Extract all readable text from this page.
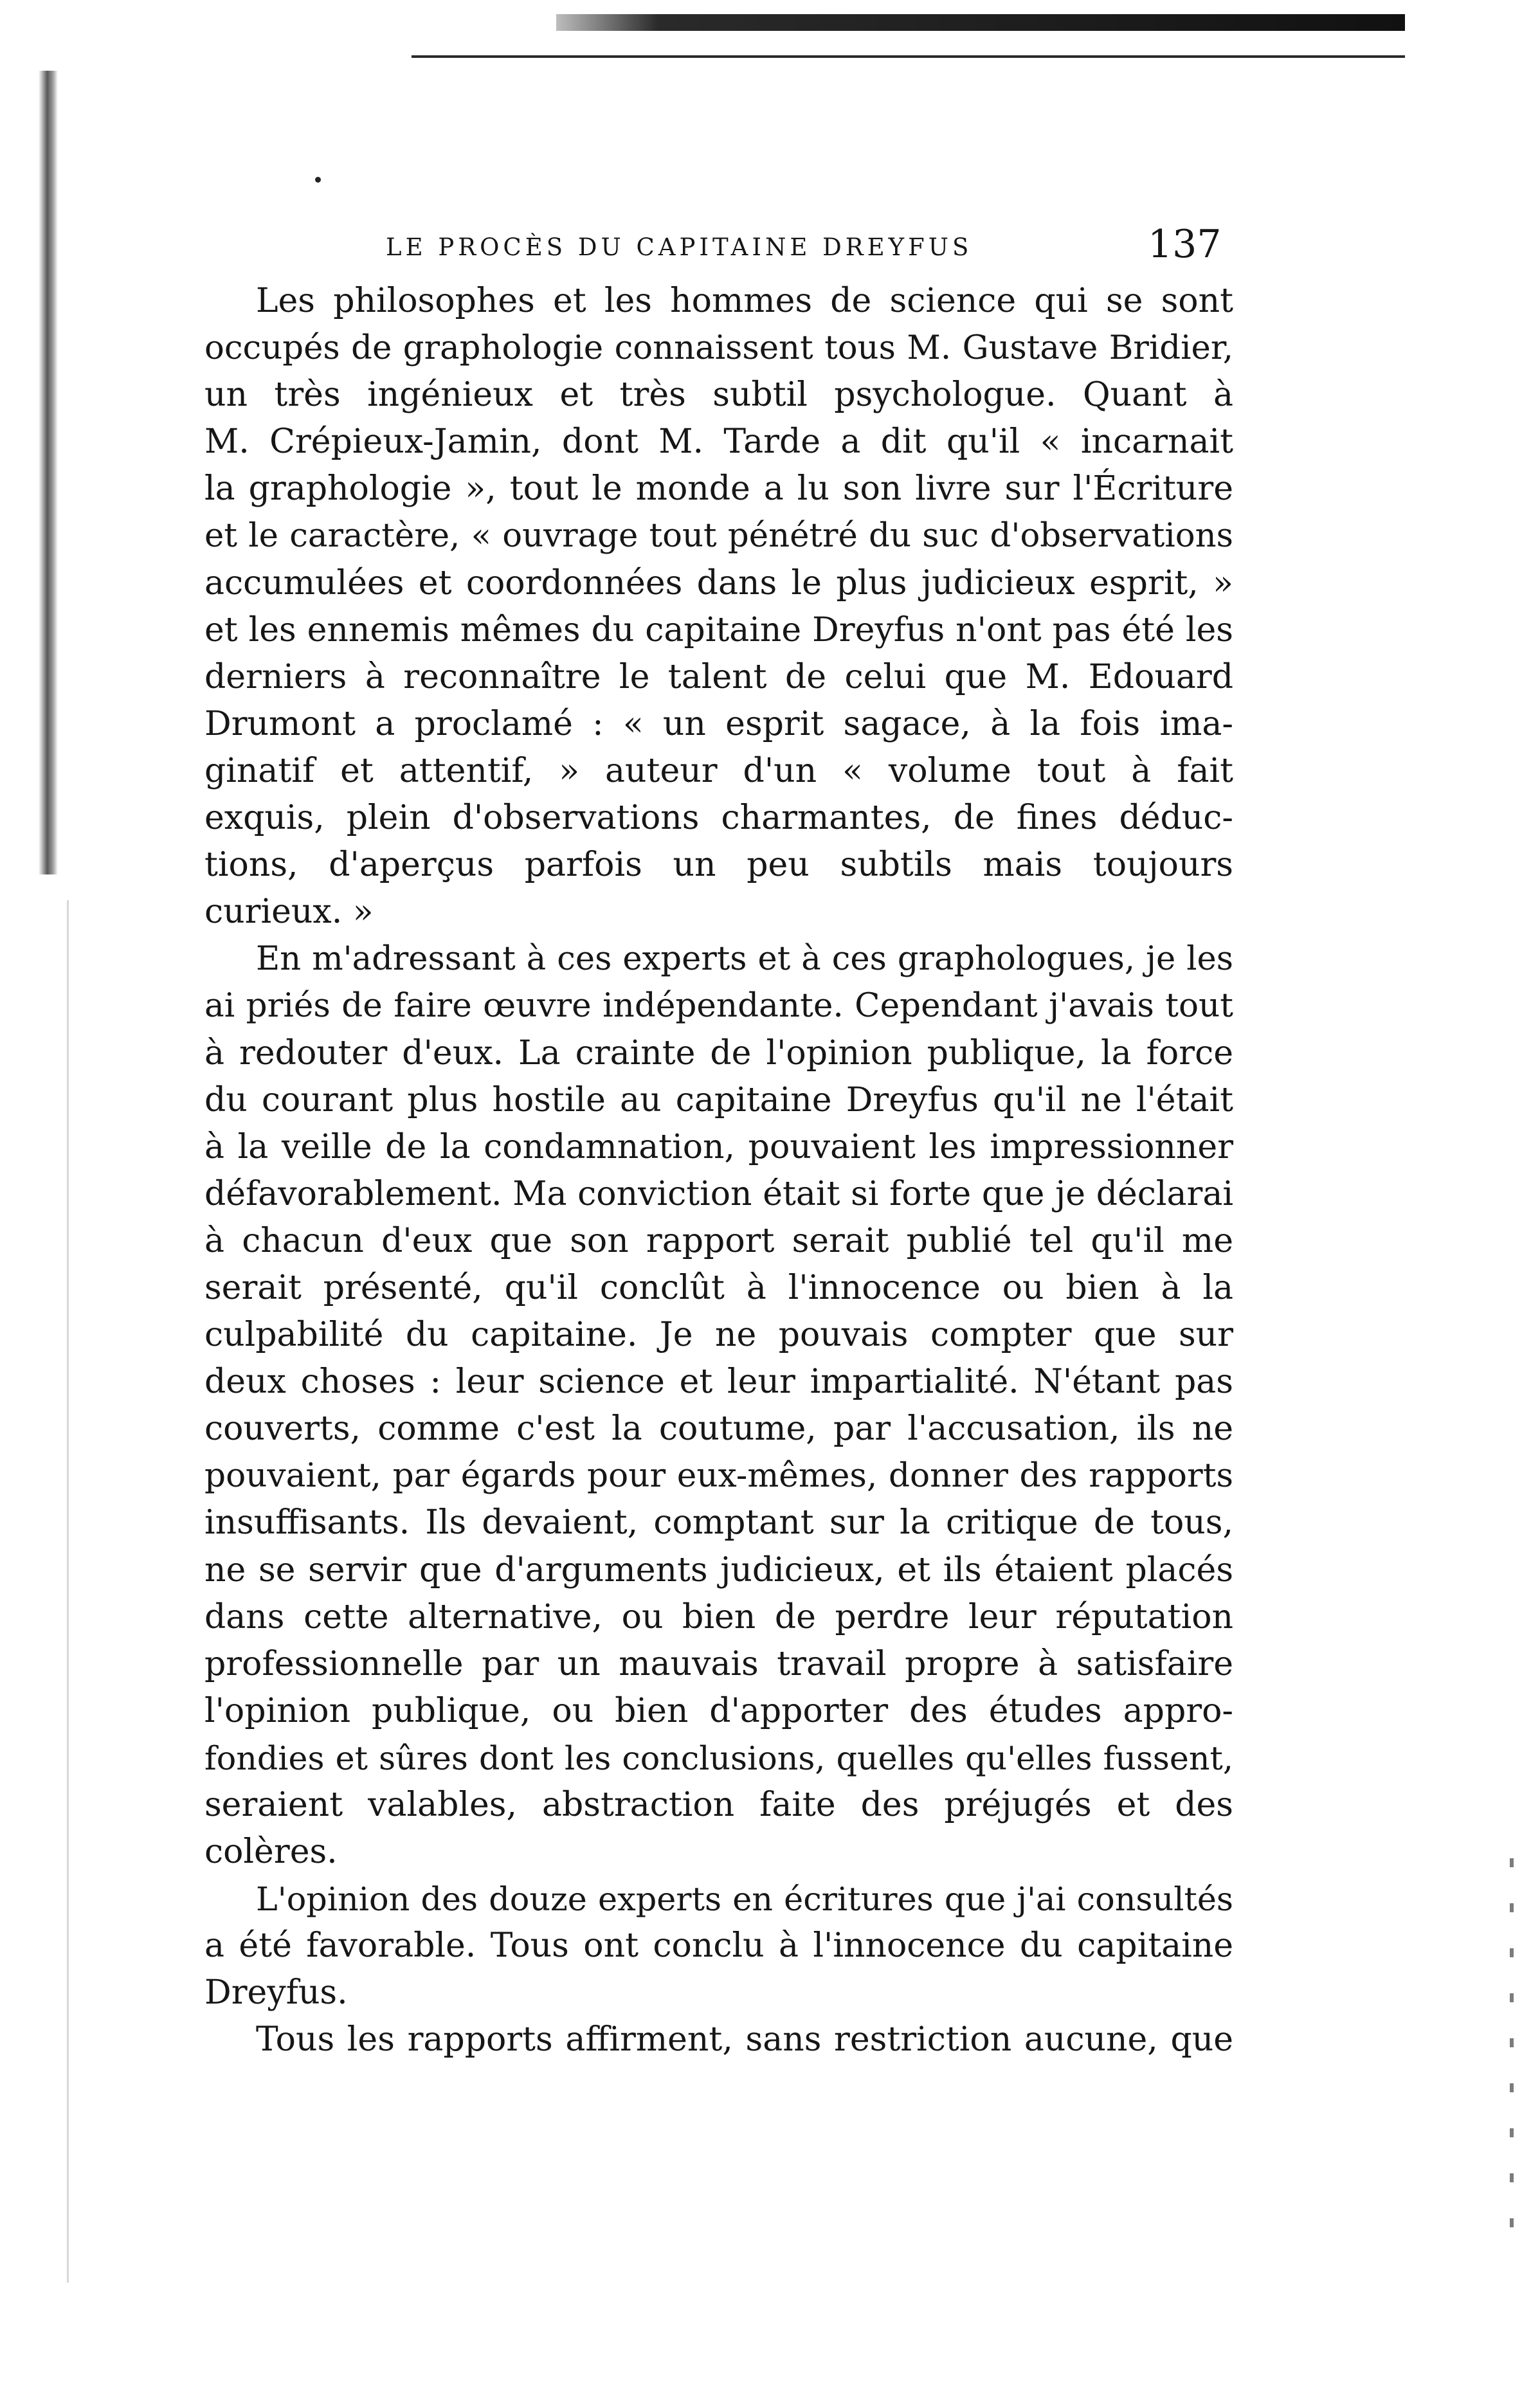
LE PROCÈS DU CAPITAINE DREYFUS	137
Les philosophes et les hommes de science qui se sont
occupés de graphologie connaissent tous M. Gustave Bridier,
un très ingénieux et très subtil psychologue. Quant à
M. Crépieux-Jamin, dont M. Tarde a dit qu'il « incarnait
la graphologie », tout le monde a lu son livre sur l'Écriture
et le caractère, « ouvrage tout pénétré du suc d'observations
accumulées et coordonnées dans le plus judicieux esprit, »
et les ennemis mêmes du capitaine Dreyfus n'ont pas été les
derniers à reconnaître le talent de celui que M. Edouard
Drumont a proclamé : « un esprit sagace, à la fois ima-
ginatif et attentif, » auteur d'un « volume tout à fait
exquis, plein d'observations charmantes, de fines déduc-
tions, d'aperçus parfois un peu subtils mais toujours
curieux. »
En m'adressant à ces experts et à ces graphologues, je les
ai priés de faire œuvre indépendante. Cependant j'avais tout
à redouter d'eux. La crainte de l'opinion publique, la force
du courant plus hostile au capitaine Dreyfus qu'il ne l'était
à la veille de la condamnation, pouvaient les impressionner
défavorablement. Ma conviction était si forte que je déclarai
à chacun d'eux que son rapport serait publié tel qu'il me
serait présenté, qu'il conclût à l'innocence ou bien à la
culpabilité du capitaine. Je ne pouvais compter que sur
deux choses : leur science et leur impartialité. N'étant pas
couverts, comme c'est la coutume, par l'accusation, ils ne
pouvaient, par égards pour eux-mêmes, donner des rapports
insuffisants. Ils devaient, comptant sur la critique de tous,
ne se servir que d'arguments judicieux, et ils étaient placés
dans cette alternative, ou bien de perdre leur réputation
professionnelle par un mauvais travail propre à satisfaire
l'opinion publique, ou bien d'apporter des études appro-
fondies et sûres dont les conclusions, quelles qu'elles fussent,
seraient valables, abstraction faite des préjugés et des
colères.
L'opinion des douze experts en écritures que j'ai consultés
a été favorable. Tous ont conclu à l'innocence du capitaine
Dreyfus.
Tous les rapports affirment, sans restriction aucune, que
